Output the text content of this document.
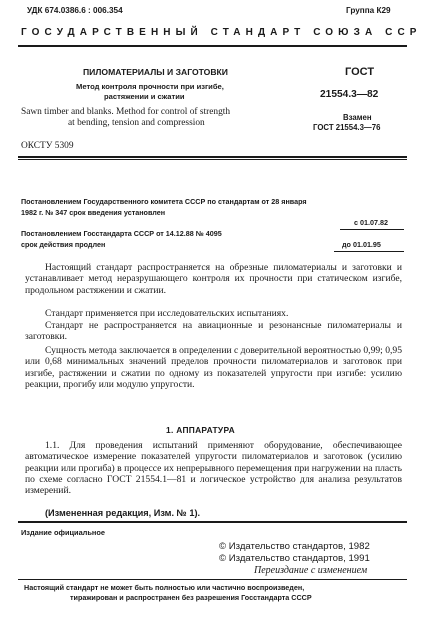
УДК 674.0386.6 : 006.354	Группа К29
ГОСУДАРСТВЕННЫЙ СТАНДАРТ СОЮЗА ССР
ПИЛОМАТЕРИАЛЫ И ЗАГОТОВКИ
Метод контроля прочности при изгибе,
растяжении и сжатии
Sawn timber and blanks. Method for control of strength
at bending, tension and compression
ГОСТ
21554.3—82
Взамен
ГОСТ 21554.3—76
ОКСТУ 5309
Постановлением Государственного комитета СССР по стандартам от 28 января
1982 г. № 347 срок введения установлен
с 01.07.82
Постановлением Госстандарта СССР от 14.12.88 № 4095
срок действия продлен	до 01.01.95
Настоящий стандарт распространяется на обрезные пиломатериалы и заготовки и устанавливает метод неразрушающего контроля их прочности при статическом изгибе, продольном растяжении и сжатии.
Стандарт применяется при исследовательских испытаниях.
Стандарт не распространяется на авиационные и резонансные пиломатериалы и заготовки.
Сущность метода заключается в определении с доверительной вероятностью 0,99; 0,95 или 0,68 минимальных значений пределов прочности пиломатериалов и заготовок при изгибе, растяжении и сжатии по одному из показателей упругости при изгибе: усилию реакции, прогибу или модулю упругости.
1. АППАРАТУРА
1.1. Для проведения испытаний применяют оборудование, обеспечивающее автоматическое измерение показателей упругости пиломатериалов и заготовок (усилию реакции или прогиба) в процессе их непрерывного перемещения при нагружении на пласть по схеме согласно ГОСТ 21554.1—81 и логическое устройство для анализа результатов измерений.
(Измененная редакция, Изм. № 1).
Издание официальное
© Издательство стандартов, 1982
© Издательство стандартов, 1991
Переиздание с изменением
Настоящий стандарт не может быть полностью или частично воспроизведен,
тиражирован и распространен без разрешения Госстандарта СССР
